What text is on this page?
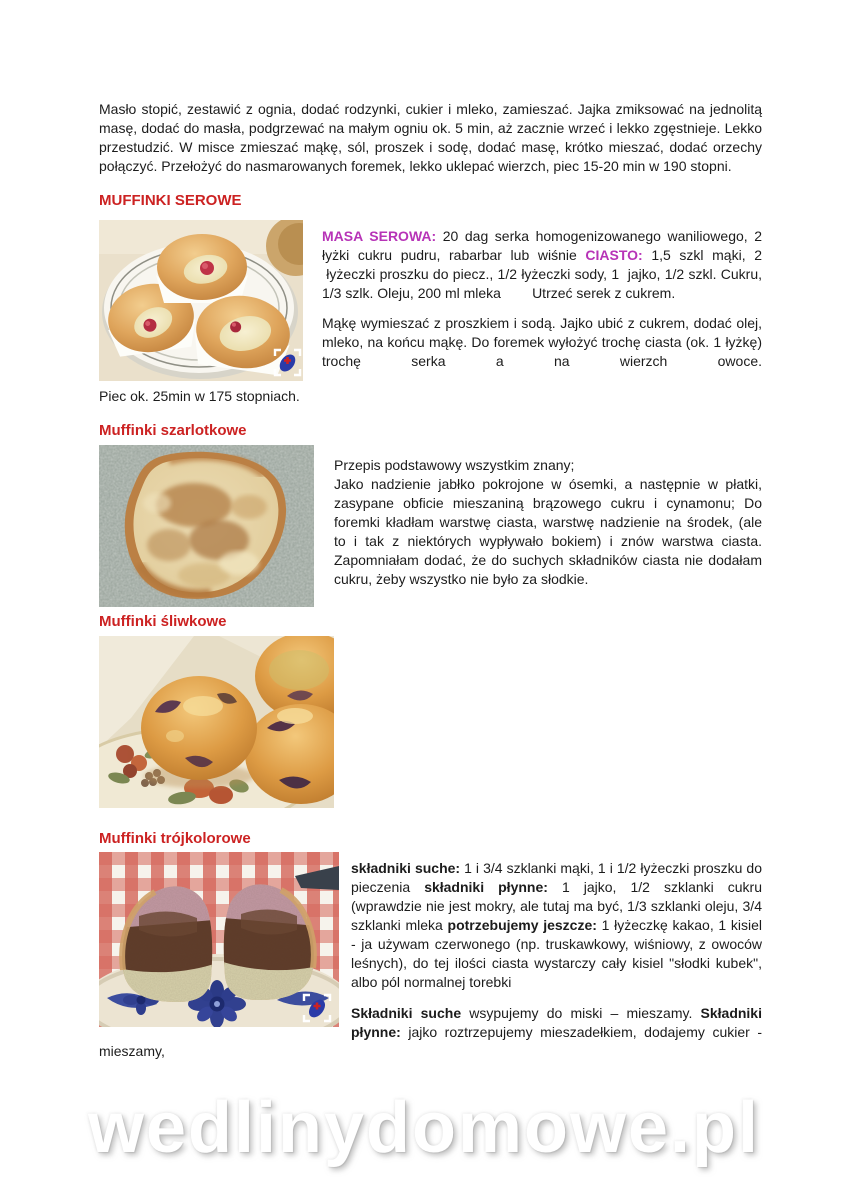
Masło stopić, zestawić z ognia, dodać rodzynki, cukier i mleko, zamieszać. Jajka zmiksować na jednolitą masę, dodać do masła, podgrzewać na małym ogniu ok. 5 min, aż zacznie wrzeć i lekko zgęstnieje. Lekko przestudzić. W misce zmieszać mąkę, sól, proszek i sodę, dodać masę, krótko mieszać, dodać orzechy połączyć. Przełożyć do nasmarowanych foremek, lekko uklepać wierzch, piec 15-20 min w 190 stopni.

MUFFINKI SEROWE

MASA SEROWA: 20 dag serka homogenizowanego waniliowego, 2 łyżki cukru pudru, rabarbar lub wiśnie CIASTO: 1,5 szkl mąki, 2  łyżeczki proszku do piecz., 1/2 łyżeczki sody, 1  jajko, 1/2 szkl. Cukru, 1/3 szlk. Oleju, 200 ml mleka        Utrzeć serek z cukrem.

Mąkę wymieszać z proszkiem i sodą. Jajko ubić z cukrem, dodać olej, mleko, na końcu mąkę. Do foremek wyłożyć trochę ciasta (ok. 1 łyżkę) trochę serka a na wierzch owoce.

Piec ok. 25min w 175 stopniach.

Muffinki szarlotkowe

Przepis podstawowy wszystkim znany;
Jako nadzienie jabłko pokrojone w ósemki, a następnie w płatki, zasypane obficie mieszaniną brązowego cukru i cynamonu; Do foremki kładłam warstwę ciasta, warstwę nadzienie na środek, (ale to i tak z niektórych wypływało bokiem) i znów warstwa ciasta. Zapomniałam dodać, że do suchych składników ciasta nie dodałam cukru, żeby wszystko nie było za słodkie.

Muffinki śliwkowe
Muffinki trójkolorowe

składniki suche: 1 i 3/4 szklanki mąki, 1 i 1/2 łyżeczki proszku do pieczenia składniki płynne: 1 jajko, 1/2 szklanki cukru (wprawdzie nie jest mokry, ale tutaj ma być, 1/3 szklanki oleju, 3/4 szklanki mleka potrzebujemy jeszcze: 1 łyżeczkę kakao, 1 kisiel - ja używam czerwonego (np. truskawkowy, wiśniowy, z owoców leśnych), do tej ilości ciasta wystarczy cały kisiel "słodki kubek", albo pól normalnej torebki

Składniki suche wsypujemy do miski – mieszamy. Składniki płynne: jajko roztrzepujemy mieszadełkiem, dodajemy cukier - mieszamy,

wedlinydomowe.pl
